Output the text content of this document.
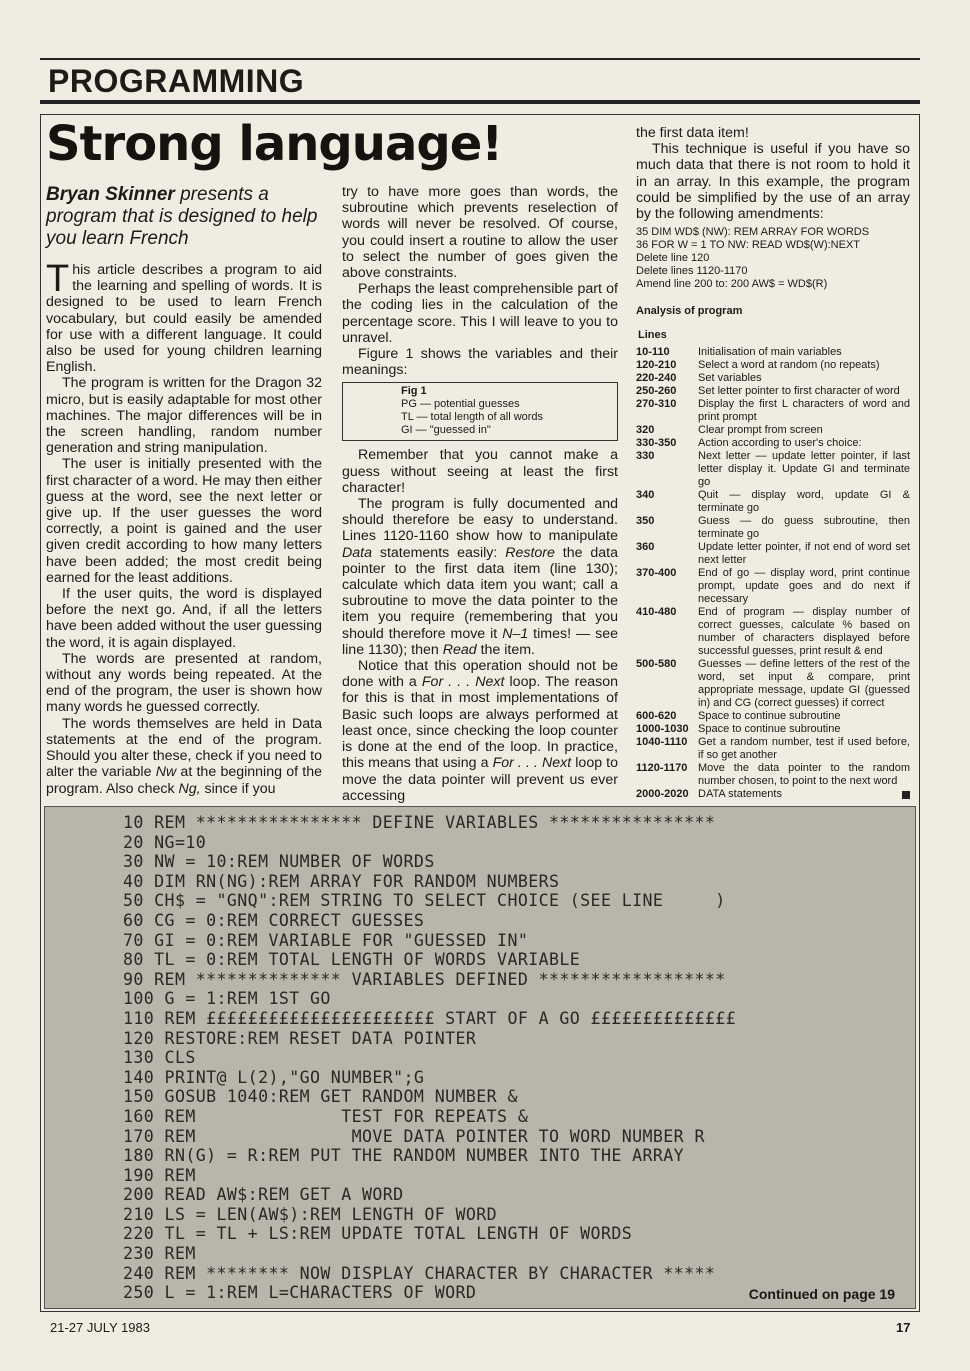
PROGRAMMING
Strong language!
Bryan Skinner presents a program that is designed to help you learn French

This article describes a program to aid the learning and spelling of words. It is designed to be used to learn French vocabulary, but could easily be amended for use with a different language. It could also be used for young children learning English.

The program is written for the Dragon 32 micro, but is easily adaptable for most other machines. The major differences will be in the screen handling, random number generation and string manipulation.

The user is initially presented with the first character of a word. He may then either guess at the word, see the next letter or give up. If the user guesses the word correctly, a point is gained and the user given credit according to how many letters have been added; the most credit being earned for the least additions.

If the user quits, the word is displayed before the next go. And, if all the letters have been added without the user guessing the word, it is again displayed.

The words are presented at random, without any words being repeated. At the end of the program, the user is shown how many words he guessed correctly.

The words themselves are held in Data statements at the end of the program. Should you alter these, check if you need to alter the variable Nw at the beginning of the program. Also check Ng, since if you

try to have more goes than words, the subroutine which prevents reselection of words will never be resolved. Of course, you could insert a routine to allow the user to select the number of goes given the above constraints.

Perhaps the least comprehensible part of the coding lies in the calculation of the percentage score. This I will leave to you to unravel.

Figure 1 shows the variables and their meanings:

Fig 1
PG — potential guesses
TL — total length of all words
GI — "guessed in"

Remember that you cannot make a guess without seeing at least the first character!

The program is fully documented and should therefore be easy to understand. Lines 1120-1160 show how to manipulate Data statements easily: Restore the data pointer to the first data item (line 130); calculate which data item you want; call a subroutine to move the data pointer to the item you require (remembering that you should therefore move it N–1 times! — see line 1130); then Read the item.

Notice that this operation should not be done with a For . . . Next loop. The reason for this is that in most implementations of Basic such loops are always performed at least once, since checking the loop counter is done at the end of the loop. In practice, this means that using a For . . . Next loop to move the data pointer will prevent us ever accessing

the first data item!

This technique is useful if you have so much data that there is not room to hold it in an array. In this example, the program could be simplified by the use of an array by the following amendments:

35 DIM WD$ (NW): REM ARRAY FOR WORDS
36 FOR W = 1 TO NW: READ WD$(W):NEXT
Delete line 120
Delete lines 1120-1170
Amend line 200 to: 200 AW$ = WD$(R)
Analysis of program
Lines
10-110	Initialisation of main variables
120-210	Select a word at random (no repeats)
220-240	Set variables
250-260	Set letter pointer to first character of word
270-310	Display the first L characters of word and print prompt
320	Clear prompt from screen
330-350	Action according to user's choice:
330	Next letter — update letter pointer, if last letter display it. Update GI and terminate go
340	Quit — display word, update GI & terminate go
350	Guess — do guess subroutine, then terminate go
360	Update letter pointer, if not end of word set next letter
370-400	End of go — display word, print continue prompt, update goes and do next if necessary
410-480	End of program — display number of correct guesses, calculate % based on number of characters displayed before successful guesses, print result & end
500-580	Guesses — define letters of the rest of the word, set input & compare, print appropriate message, update GI (guessed in) and CG (correct guesses) if correct
600-620	Space to continue subroutine
1000-1030 Space to continue subroutine
1040-1110 Get a random number, test if used before, if so get another
1120-1170 Move the data pointer to the random number chosen, to point to the next word
2000-2020 DATA statements
10 REM **************** DEFINE VARIABLES ****************
20 NG=10
30 NW = 10:REM NUMBER OF WORDS
40 DIM RN(NG):REM ARRAY FOR RANDOM NUMBERS
50 CH$ = "GNQ":REM STRING TO SELECT CHOICE (SEE LINE     )
60 CG = 0:REM CORRECT GUESSES
70 GI = 0:REM VARIABLE FOR "GUESSED IN"
80 TL = 0:REM TOTAL LENGTH OF WORDS VARIABLE
90 REM ************** VARIABLES DEFINED ******************
100 G = 1:REM 1ST GO
110 REM ££££££££££££££££££££££ START OF A GO ££££££££££££££
120 RESTORE:REM RESET DATA POINTER
130 CLS
140 PRINT@ L(2),"GO NUMBER";G
150 GOSUB 1040:REM GET RANDOM NUMBER &
160 REM              TEST FOR REPEATS &
170 REM               MOVE DATA POINTER TO WORD NUMBER R
180 RN(G) = R:REM PUT THE RANDOM NUMBER INTO THE ARRAY
190 REM
200 READ AW$:REM GET A WORD
210 LS = LEN(AW$):REM LENGTH OF WORD
220 TL = TL + LS:REM UPDATE TOTAL LENGTH OF WORDS
230 REM
240 REM ******** NOW DISPLAY CHARACTER BY CHARACTER *****
250 L = 1:REM L=CHARACTERS OF WORD	Continued on page 19
21-27 JULY 1983	17
